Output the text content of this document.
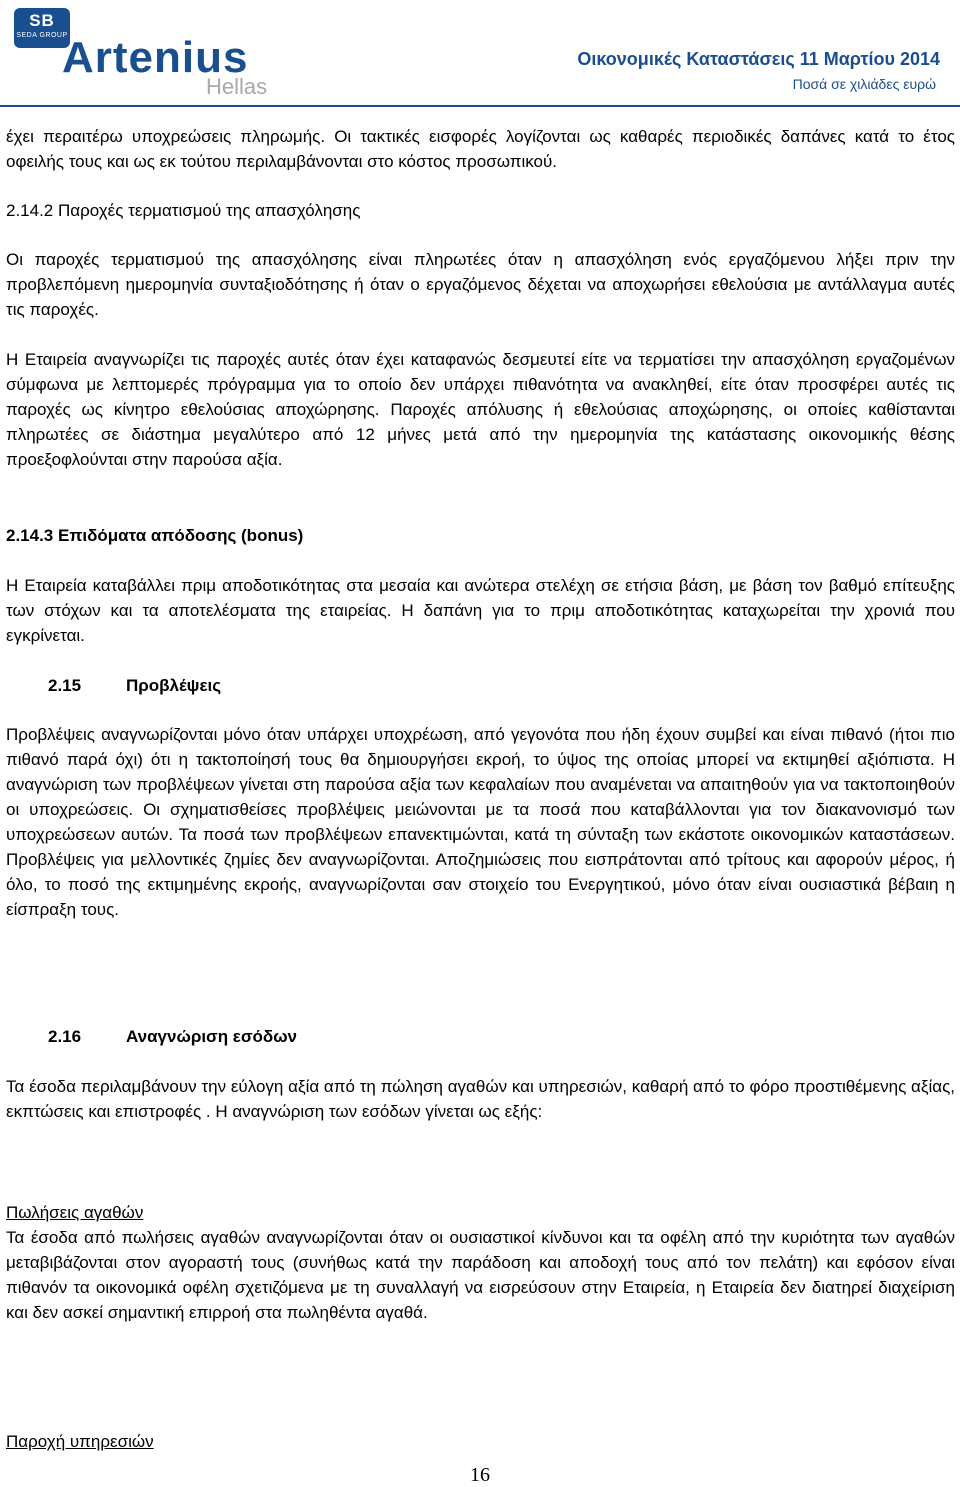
SB
SEDA GROUP
Artenius
Hellas
Οικονομικές Καταστάσεις 11 Μαρτίου 2014
Ποσά σε χιλιάδες ευρώ

έχει περαιτέρω υποχρεώσεις πληρωμής. Οι τακτικές εισφορές λογίζονται ως καθαρές περιοδικές δαπάνες κατά το έτος οφειλής τους και ως εκ τούτου περιλαμβάνονται στο κόστος προσωπικού.

2.14.2 Παροχές τερματισμού της απασχόλησης

Οι παροχές τερματισμού της απασχόλησης είναι πληρωτέες όταν η απασχόληση ενός εργαζόμενου λήξει πριν την προβλεπόμενη ημερομηνία συνταξιοδότησης ή όταν ο εργαζόμενος δέχεται να αποχωρήσει εθελούσια με αντάλλαγμα αυτές τις παροχές.

Η Εταιρεία αναγνωρίζει τις παροχές αυτές όταν έχει καταφανώς δεσμευτεί είτε να τερματίσει την απασχόληση εργαζομένων σύμφωνα με λεπτομερές πρόγραμμα για το οποίο δεν υπάρχει πιθανότητα να ανακληθεί, είτε όταν προσφέρει αυτές τις παροχές ως κίνητρο εθελούσιας αποχώρησης. Παροχές απόλυσης ή εθελούσιας αποχώρησης, οι οποίες καθίστανται πληρωτέες σε διάστημα μεγαλύτερο από 12 μήνες μετά από την ημερομηνία της κατάστασης οικονομικής θέσης προεξοφλούνται στην παρούσα αξία.

2.14.3 Επιδόματα απόδοσης (bonus)

Η Εταιρεία καταβάλλει πριμ αποδοτικότητας στα μεσαία και ανώτερα στελέχη σε ετήσια βάση, με βάση τον βαθμό επίτευξης των στόχων και τα αποτελέσματα της εταιρείας. Η δαπάνη για το πριμ αποδοτικότητας καταχωρείται την χρονιά που εγκρίνεται.

2.15	Προβλέψεις

Προβλέψεις αναγνωρίζονται μόνο όταν υπάρχει υποχρέωση, από γεγονότα που ήδη έχουν συμβεί και είναι πιθανό (ήτοι πιο πιθανό παρά όχι) ότι η τακτοποίησή τους θα δημιουργήσει εκροή, το ύψος της οποίας μπορεί να εκτιμηθεί αξιόπιστα. Η αναγνώριση των προβλέψεων γίνεται στη παρούσα αξία των κεφαλαίων που αναμένεται να απαιτηθούν για να τακτοποιηθούν οι υποχρεώσεις. Οι σχηματισθείσες προβλέψεις μειώνονται με τα ποσά που καταβάλλονται για τον διακανονισμό των υποχρεώσεων αυτών. Τα ποσά των προβλέψεων επανεκτιμώνται, κατά τη σύνταξη των εκάστοτε οικονομικών καταστάσεων. Προβλέψεις για μελλοντικές ζημίες δεν αναγνωρίζονται. Αποζημιώσεις που εισπράτονται από τρίτους και αφορούν μέρος, ή όλο, το ποσό της εκτιμημένης εκροής, αναγνωρίζονται σαν στοιχείο του Ενεργητικού, μόνο όταν είναι ουσιαστικά βέβαιη η είσπραξη τους.

2.16	Αναγνώριση εσόδων

Τα έσοδα περιλαμβάνουν την εύλογη αξία από τη πώληση αγαθών και υπηρεσιών, καθαρή από το φόρο προστιθέμενης αξίας, εκπτώσεις και επιστροφές . Η αναγνώριση των εσόδων γίνεται ως εξής:

Πωλήσεις αγαθών

Τα έσοδα από πωλήσεις αγαθών αναγνωρίζονται όταν οι ουσιαστικοί κίνδυνοι και τα οφέλη από την κυριότητα των αγαθών μεταβιβάζονται στον αγοραστή τους (συνήθως κατά την παράδοση και αποδοχή τους από τον πελάτη) και εφόσον είναι πιθανόν τα οικονομικά οφέλη σχετιζόμενα με τη συναλλαγή να εισρεύσουν στην Εταιρεία, η Εταιρεία δεν διατηρεί διαχείριση και δεν ασκεί σημαντική επιρροή στα πωληθέντα αγαθά.

Παροχή υπηρεσιών
16
